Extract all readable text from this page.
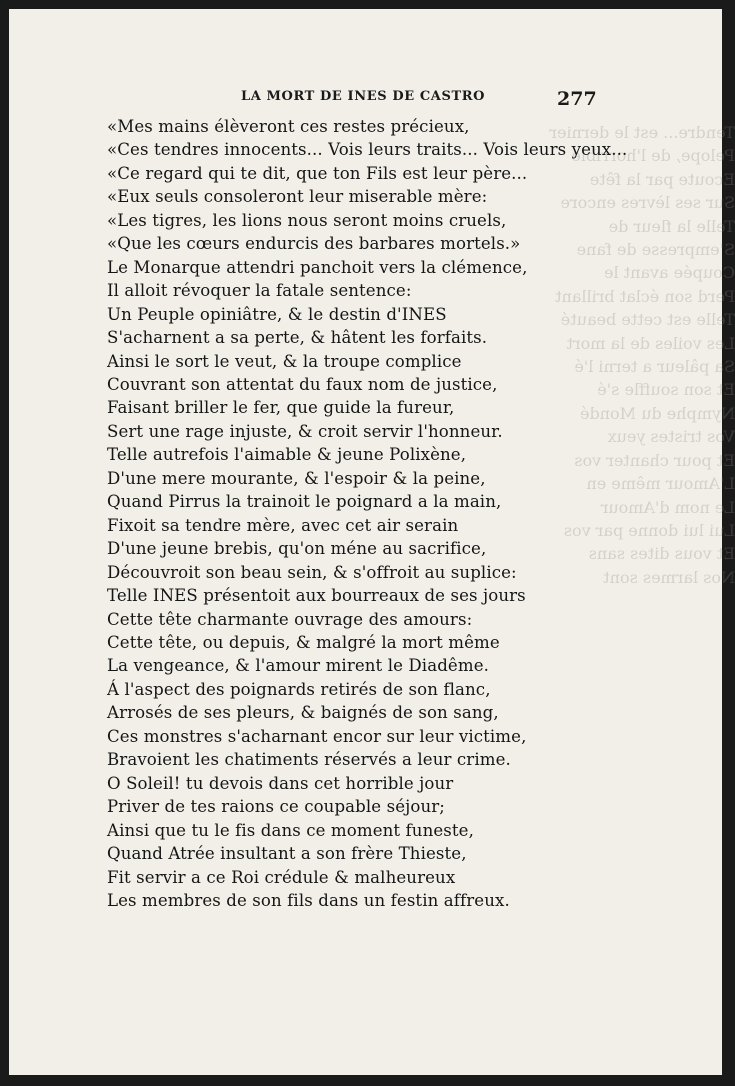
Tendre... est le dernier
Pelope, de l'horrible
Ecoute par la fête
Sur ses lèvres encore
Telle la fleur de
S'empresse de fane
Coupée avant le
Perd son éclat brillant
Telle est cette beauté
Les voiles de la mort
Sa pâleur a terni l'é
Et son souffle s'é
Nymphe du Mondé
Vos tristes yeux
Et pour chanter vos
L'Amour même en
Le nom d'Amour
Lui lui donne par vos
Et vous dites sans
Nos larmes sont
LA MORT DE INES DE CASTRO	277
«Mes mains élèveront ces restes précieux,
«Ces tendres innocents... Vois leurs traits... Vois leurs yeux...
«Ce regard qui te dit, que ton Fils est leur père...
«Eux seuls consoleront leur miserable mère:
«Les tigres, les lions nous seront moins cruels,
«Que les cœurs endurcis des barbares mortels.»
Le Monarque attendri panchoit vers la clémence,
Il alloit révoquer la fatale sentence:
Un Peuple opiniâtre, & le destin d'INES
S'acharnent a sa perte, & hâtent les forfaits.
Ainsi le sort le veut, & la troupe complice
Couvrant son attentat du faux nom de justice,
Faisant briller le fer, que guide la fureur,
Sert une rage injuste, & croit servir l'honneur.
Telle autrefois l'aimable & jeune Polixène,
D'une mere mourante, & l'espoir & la peine,
Quand Pirrus la trainoit le poignard a la main,
Fixoit sa tendre mère, avec cet air serain
D'une jeune brebis, qu'on méne au sacrifice,
Découvroit son beau sein, & s'offroit au suplice:
Telle INES présentoit aux bourreaux de ses jours
Cette tête charmante ouvrage des amours:
Cette tête, ou depuis, & malgré la mort même
La vengeance, & l'amour mirent le Diadême.
Á l'aspect des poignards retirés de son flanc,
Arrosés de ses pleurs, & baignés de son sang,
Ces monstres s'acharnant encor sur leur victime,
Bravoient les chatiments réservés a leur crime.
O Soleil! tu devois dans cet horrible jour
Priver de tes raions ce coupable séjour;
Ainsi que tu le fis dans ce moment funeste,
Quand Atrée insultant a son frère Thieste,
Fit servir a ce Roi crédule & malheureux
Les membres de son fils dans un festin affreux.
